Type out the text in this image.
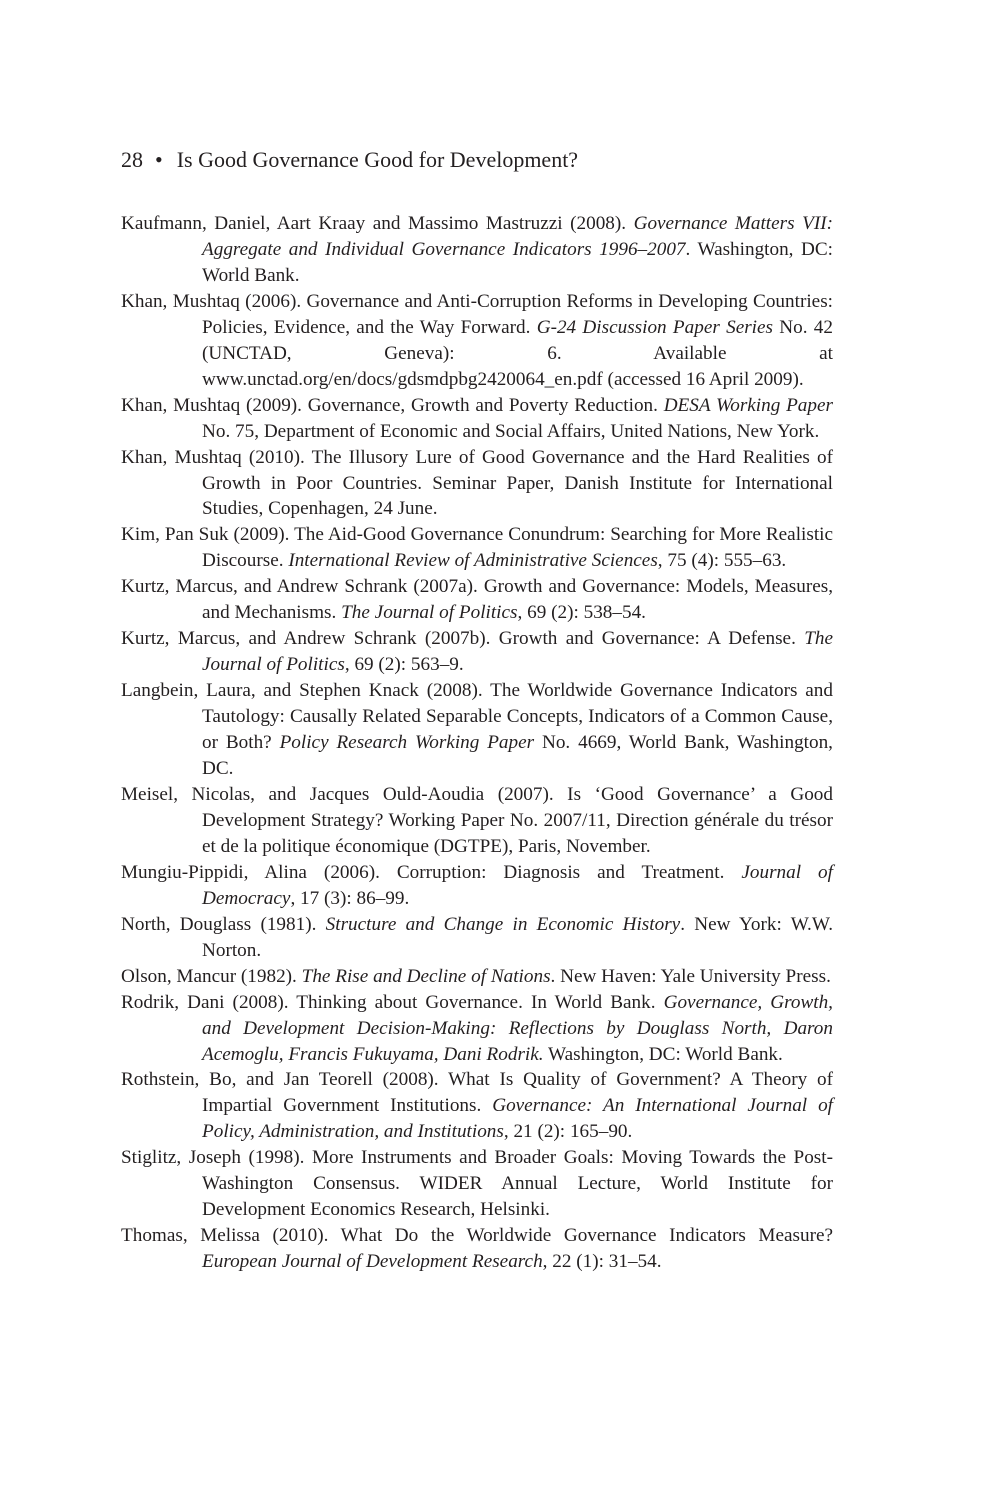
28 • Is Good Governance Good for Development?
Kaufmann, Daniel, Aart Kraay and Massimo Mastruzzi (2008). Governance Matters VII: Aggregate and Individual Governance Indicators 1996–2007. Washington, DC: World Bank.
Khan, Mushtaq (2006). Governance and Anti-Corruption Reforms in Developing Countries: Policies, Evidence, and the Way Forward. G-24 Discussion Paper Series No. 42 (UNCTAD, Geneva): 6. Available at www.unctad.org/en/docs/gdsmdpbg2420064_en.pdf (accessed 16 April 2009).
Khan, Mushtaq (2009). Governance, Growth and Poverty Reduction. DESA Working Paper No. 75, Department of Economic and Social Affairs, United Nations, New York.
Khan, Mushtaq (2010). The Illusory Lure of Good Governance and the Hard Realities of Growth in Poor Countries. Seminar Paper, Danish Institute for International Studies, Copenhagen, 24 June.
Kim, Pan Suk (2009). The Aid-Good Governance Conundrum: Searching for More Realistic Discourse. International Review of Administrative Sciences, 75 (4): 555–63.
Kurtz, Marcus, and Andrew Schrank (2007a). Growth and Governance: Models, Measures, and Mechanisms. The Journal of Politics, 69 (2): 538–54.
Kurtz, Marcus, and Andrew Schrank (2007b). Growth and Governance: A Defense. The Journal of Politics, 69 (2): 563–9.
Langbein, Laura, and Stephen Knack (2008). The Worldwide Governance Indicators and Tautology: Causally Related Separable Concepts, Indicators of a Common Cause, or Both? Policy Research Working Paper No. 4669, World Bank, Washington, DC.
Meisel, Nicolas, and Jacques Ould-Aoudia (2007). Is ‘Good Governance’ a Good Development Strategy? Working Paper No. 2007/11, Direction générale du trésor et de la politique économique (DGTPE), Paris, November.
Mungiu-Pippidi, Alina (2006). Corruption: Diagnosis and Treatment. Journal of Democracy, 17 (3): 86–99.
North, Douglass (1981). Structure and Change in Economic History. New York: W.W. Norton.
Olson, Mancur (1982). The Rise and Decline of Nations. New Haven: Yale University Press.
Rodrik, Dani (2008). Thinking about Governance. In World Bank. Governance, Growth, and Development Decision-Making: Reflections by Douglass North, Daron Acemoglu, Francis Fukuyama, Dani Rodrik. Washington, DC: World Bank.
Rothstein, Bo, and Jan Teorell (2008). What Is Quality of Government? A Theory of Impartial Government Institutions. Governance: An International Journal of Policy, Administration, and Institutions, 21 (2): 165–90.
Stiglitz, Joseph (1998). More Instruments and Broader Goals: Moving Towards the Post-Washington Consensus. WIDER Annual Lecture, World Institute for Development Economics Research, Helsinki.
Thomas, Melissa (2010). What Do the Worldwide Governance Indicators Measure? European Journal of Development Research, 22 (1): 31–54.
